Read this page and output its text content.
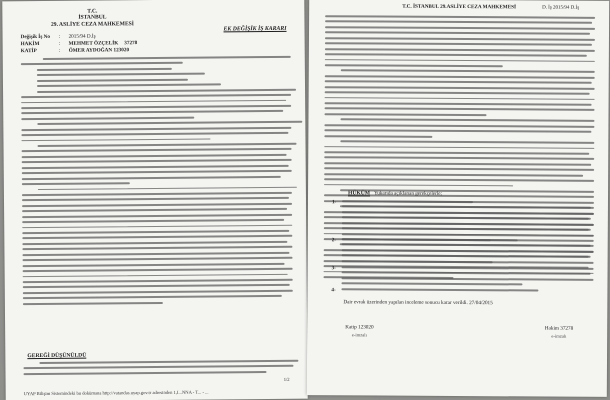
T.C.
İSTANBUL
29. ASLİYE CEZA MAHKEMESİ
EK DEĞİŞİK İŞ KARARI
Değişik İş No	:	2015/94 D.İş
HAKİM	:	MEHMET ÖZÇELİK 37278
KATİP	:	ÖMER AYDOĞAN 123020
GEREĞİ DÜŞÜNÜLDÜ
1/2
UYAP Bilişim Sistemindeki bu dokümana http://vatandas.uyap.gov.tr adresinden 1,I...NNA - T... - ...
T.C. İSTANBUL 29.ASLİYE CEZA MAHKEMESİ	D. İş 2015/94 D.İş
HÜKÜM Yukarıda açıklanan gerekçelerle;
1-
2-
3-
4-
Dair evrak üzerinden yapılan inceleme sonucu karar verildi. 27/04/2015
Katip 123020
e-imzalı
Hakim 37278
e-imzalı
